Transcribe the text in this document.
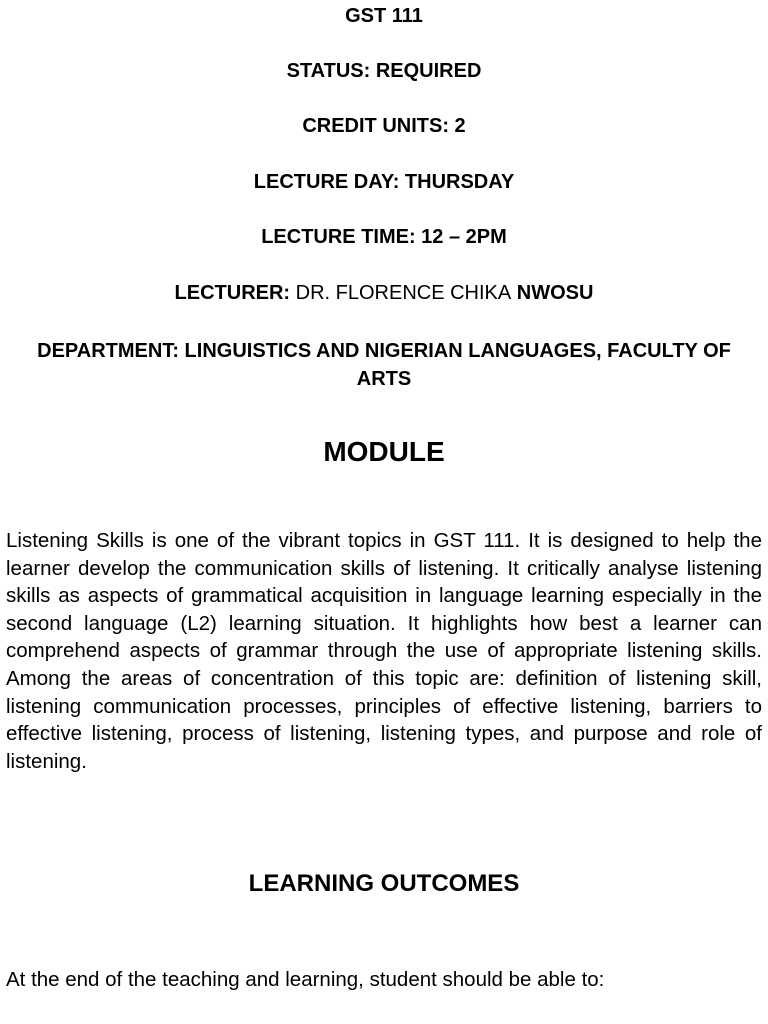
GST 111
STATUS: REQUIRED
CREDIT UNITS: 2
LECTURE DAY: THURSDAY
LECTURE TIME: 12 – 2PM
LECTURER: DR. FLORENCE CHIKA NWOSU
DEPARTMENT: LINGUISTICS AND NIGERIAN LANGUAGES, FACULTY OF ARTS
MODULE
Listening Skills is one of the vibrant topics in GST 111. It is designed to help the learner develop the communication skills of listening. It critically analyse listening skills as aspects of grammatical acquisition in language learning especially in the second language (L2) learning situation. It highlights how best a learner can comprehend aspects of grammar through the use of appropriate listening skills. Among the areas of concentration of this topic are: definition of listening skill, listening communication processes, principles of effective listening, barriers to effective listening, process of listening, listening types, and purpose and role of listening.
LEARNING OUTCOMES
At the end of the teaching and learning, student should be able to:
